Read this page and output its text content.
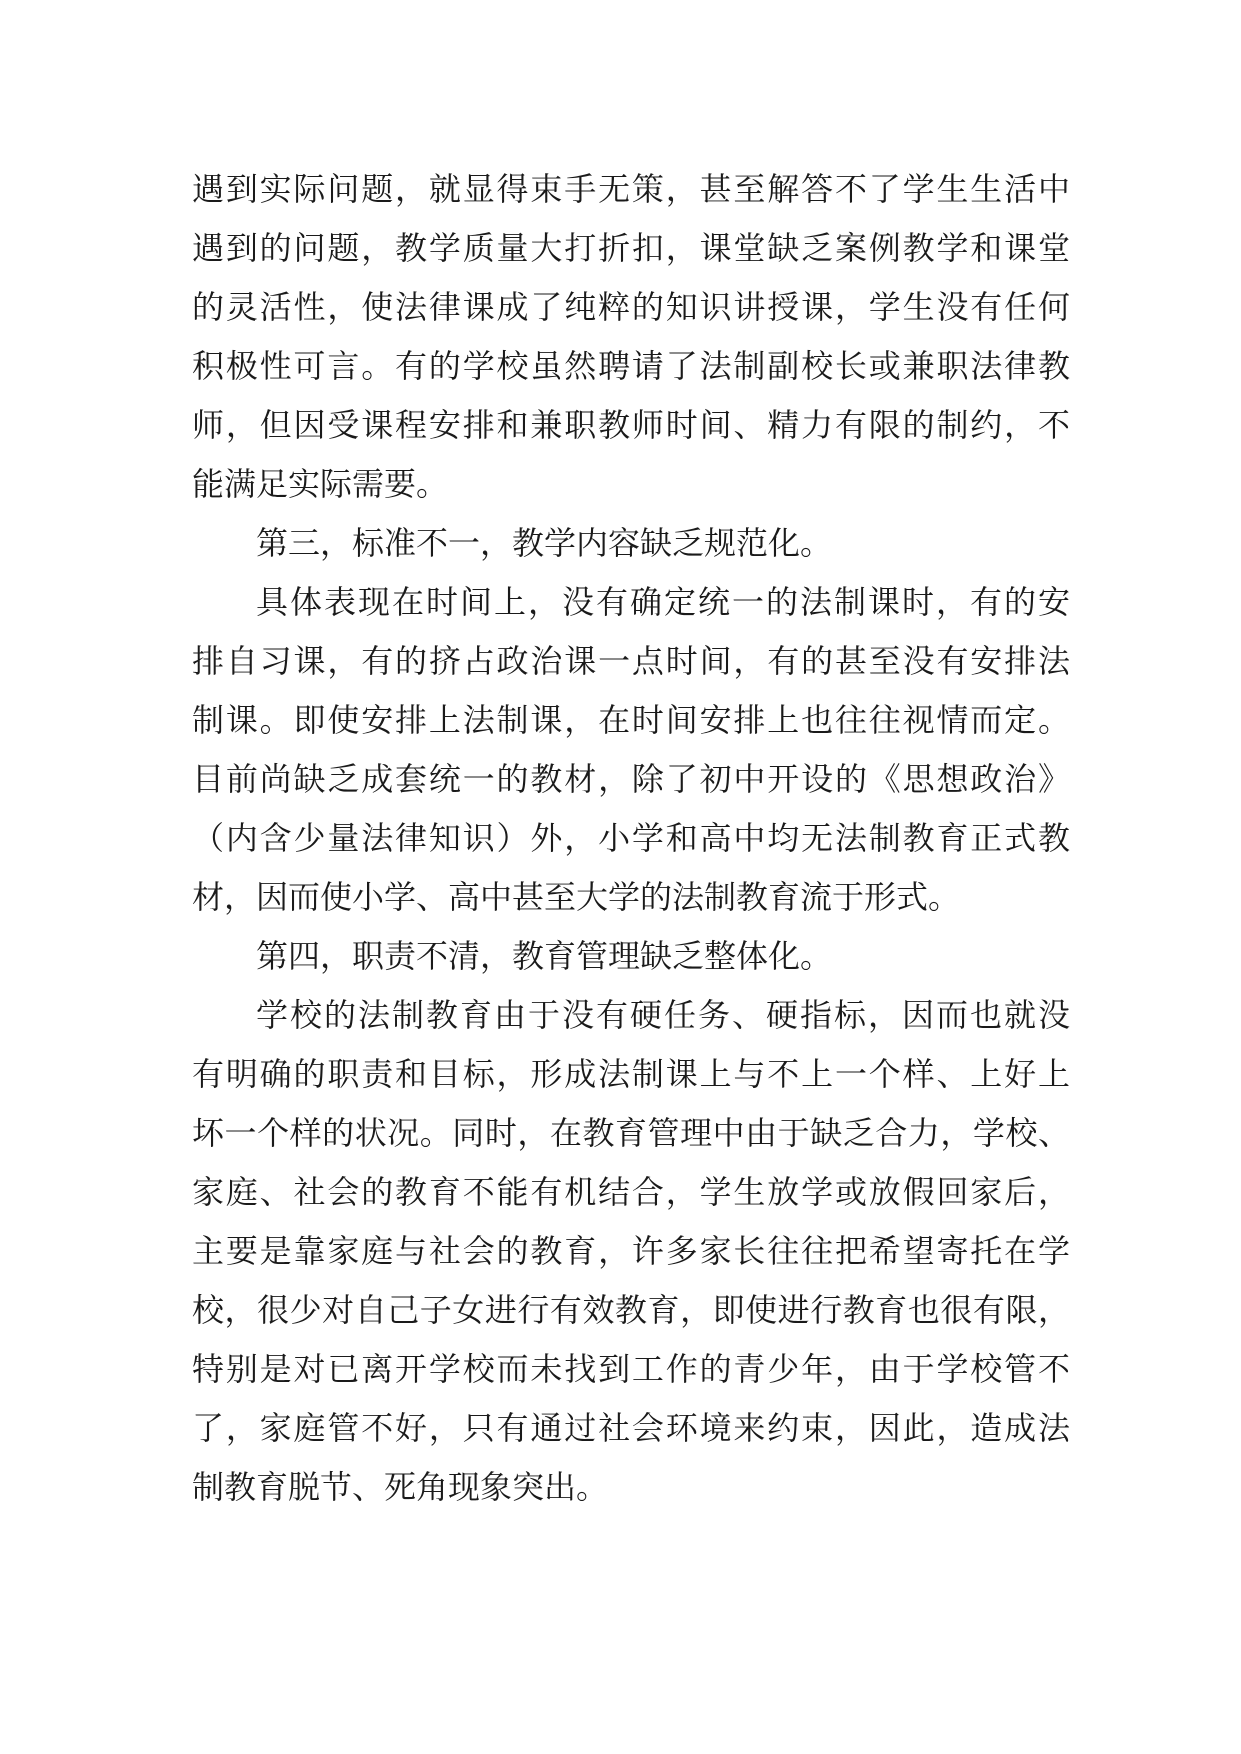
遇到实际问题，就显得束手无策，甚至解答不了学生生活中
遇到的问题，教学质量大打折扣，课堂缺乏案例教学和课堂
的灵活性，使法律课成了纯粹的知识讲授课，学生没有任何
积极性可言。有的学校虽然聘请了法制副校长或兼职法律教
师，但因受课程安排和兼职教师时间、精力有限的制约，不
能满足实际需要。
第三，标准不一，教学内容缺乏规范化。
具体表现在时间上，没有确定统一的法制课时，有的安
排自习课，有的挤占政治课一点时间，有的甚至没有安排法
制课。即使安排上法制课，在时间安排上也往往视情而定。
目前尚缺乏成套统一的教材，除了初中开设的《思想政治》
（内含少量法律知识）外，小学和高中均无法制教育正式教
材，因而使小学、高中甚至大学的法制教育流于形式。
第四，职责不清，教育管理缺乏整体化。
学校的法制教育由于没有硬任务、硬指标，因而也就没
有明确的职责和目标，形成法制课上与不上一个样、上好上
坏一个样的状况。同时，在教育管理中由于缺乏合力，学校、
家庭、社会的教育不能有机结合，学生放学或放假回家后，
主要是靠家庭与社会的教育，许多家长往往把希望寄托在学
校，很少对自己子女进行有效教育，即使进行教育也很有限，
特别是对已离开学校而未找到工作的青少年，由于学校管不
了，家庭管不好，只有通过社会环境来约束，因此，造成法
制教育脱节、死角现象突出。
